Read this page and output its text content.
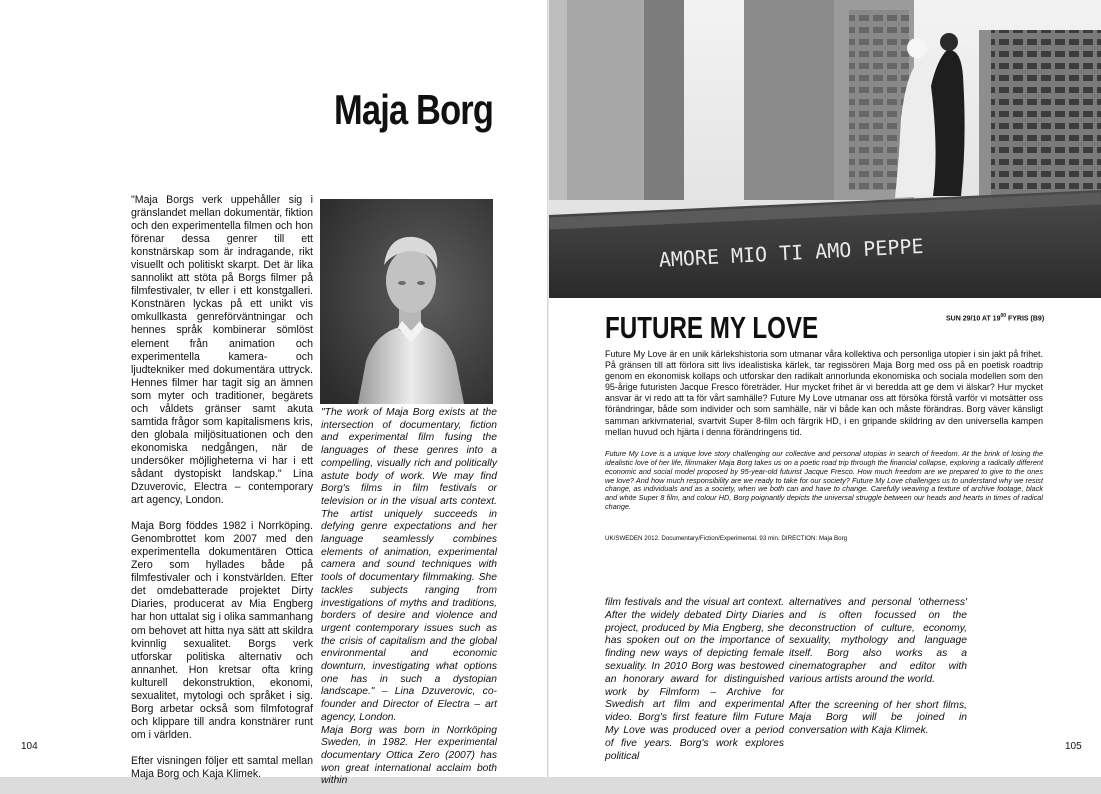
Maja Borg

"Maja Borgs verk uppehåller sig i gränslandet mellan dokumentär, fiktion och den experimentella filmen och hon förenar dessa genrer till ett konstnärskap som är indragande, rikt visuellt och politiskt skarpt. Det är lika sannolikt att stöta på Borgs filmer på filmfestivaler, tv eller i ett konstgalleri. Konstnären lyckas på ett unikt vis omkullkasta genreförväntningar och hennes språk kombinerar sömlöst element från animation och experimentella kamera- och ljudtekniker med dokumentära uttryck. Hennes filmer har tagit sig an ämnen som myter och traditioner, begärets och våldets gränser samt akuta samtida frågor som kapitalismens kris, den globala miljösituationen och den ekonomiska nedgången, när de undersöker möjligheterna vi har i ett sådant dystopiskt landskap." Lina Dzuverovic, Electra – contemporary art agency, London.

Maja Borg föddes 1982 i Norrköping. Genombrottet kom 2007 med den experimentella dokumentären Ottica Zero som hyllades både på filmfestivaler och i konstvärlden. Efter det omdebatterade projektet Dirty Diaries, producerat av Mia Engberg har hon uttalat sig i olika sammanhang om behovet att hitta nya sätt att skildra kvinnlig sexualitet. Borgs verk utforskar politiska alternativ och annanhet. Hon kretsar ofta kring kulturell dekonstruktion, ekonomi, sexualitet, mytologi och språket i sig. Borg arbetar också som filmfotograf och klippare till andra konstnärer runt om i världen.

Efter visningen följer ett samtal mellan Maja Borg och Kaja Klimek.

"The work of Maja Borg exists at the intersection of documentary, fiction and experimental film fusing the languages of these genres into a compelling, visually rich and politically astute body of work. We may find Borg's films in film festivals or television or in the visual arts context. The artist uniquely succeeds in defying genre expectations and her language seamlessly combines elements of animation, experimental camera and sound techniques with tools of documentary filmmaking. She tackles subjects ranging from investigations of myths and traditions, borders of desire and violence and urgent contemporary issues such as the crisis of capitalism and the global environmental and economic downturn, investigating what options one has in such a dystopian landscape." – Lina Dzuverovic, co-founder and Director of Electra – art agency, London.

Maja Borg was born in Norrköping Sweden, in 1982. Her experimental documentary Ottica Zero (2007) has won great international acclaim both within

104
AMORE MIO TI AMO PEPPE
FUTURE MY LOVE	SUN 29/10 AT $19^{00}$ FYRIS (B9)

Future My Love är en unik kärlekshistoria som utmanar våra kollektiva och personliga utopier i sin jakt på frihet. På gränsen till att förlora sitt livs idealistiska kärlek, tar regissören Maja Borg med oss på en poetisk roadtrip genom en ekonomisk kollaps och utforskar den radikalt annorlunda ekonomiska och sociala modellen som den 95-årige futuristen Jacque Fresco företräder. Hur mycket frihet är vi beredda att ge dem vi älskar? Hur mycket ansvar är vi redo att ta för vårt samhälle? Future My Love utmanar oss att försöka förstå varför vi motsätter oss förändringar, både som individer och som samhälle, när vi både kan och måste förändras. Borg väver känsligt samman arkivmaterial, svartvit Super 8-film och färgrik HD, i en gripande skildring av den universella kampen mellan huvud och hjärta i denna förändringens tid.

Future My Love is a unique love story challenging our collective and personal utopias in search of freedom. At the brink of losing the idealistic love of her life, filmmaker Maja Borg takes us on a poetic road trip through the financial collapse, exploring a radically different economic and social model proposed by 95-year-old futurist Jacque Fresco. How much freedom are we prepared to give to the ones we love? And how much responsibility are we ready to take for our society? Future My Love challenges us to understand why we resist change, as individuals and as a society, when we both can and have to change. Carefully weaving a texture of archive footage, black and white Super 8 film, and colour HD, Borg poignantly depicts the universal struggle between our heads and hearts in times of radical change.

UK/SWEDEN 2012. Documentary/Fiction/Experimental. 93 min. DIRECTION: Maja Borg

film festivals and the visual art context. After the widely debated Dirty Diaries project, produced by Mia Engberg, she has spoken out on the importance of finding new ways of depicting female sexuality. In 2010 Borg was bestowed an honorary award for distinguished work by Filmform – Archive for Swedish art film and experimental video. Borg's first feature film Future My Love was produced over a period of five years. Borg's work explores political

alternatives and personal 'otherness' and is often focussed on the deconstruction of culture, economy, sexuality, mythology and language itself. Borg also works as a cinematographer and editor with various artists around the world.

After the screening of her short films, Maja Borg will be joined in conversation with Kaja Klimek.

105
